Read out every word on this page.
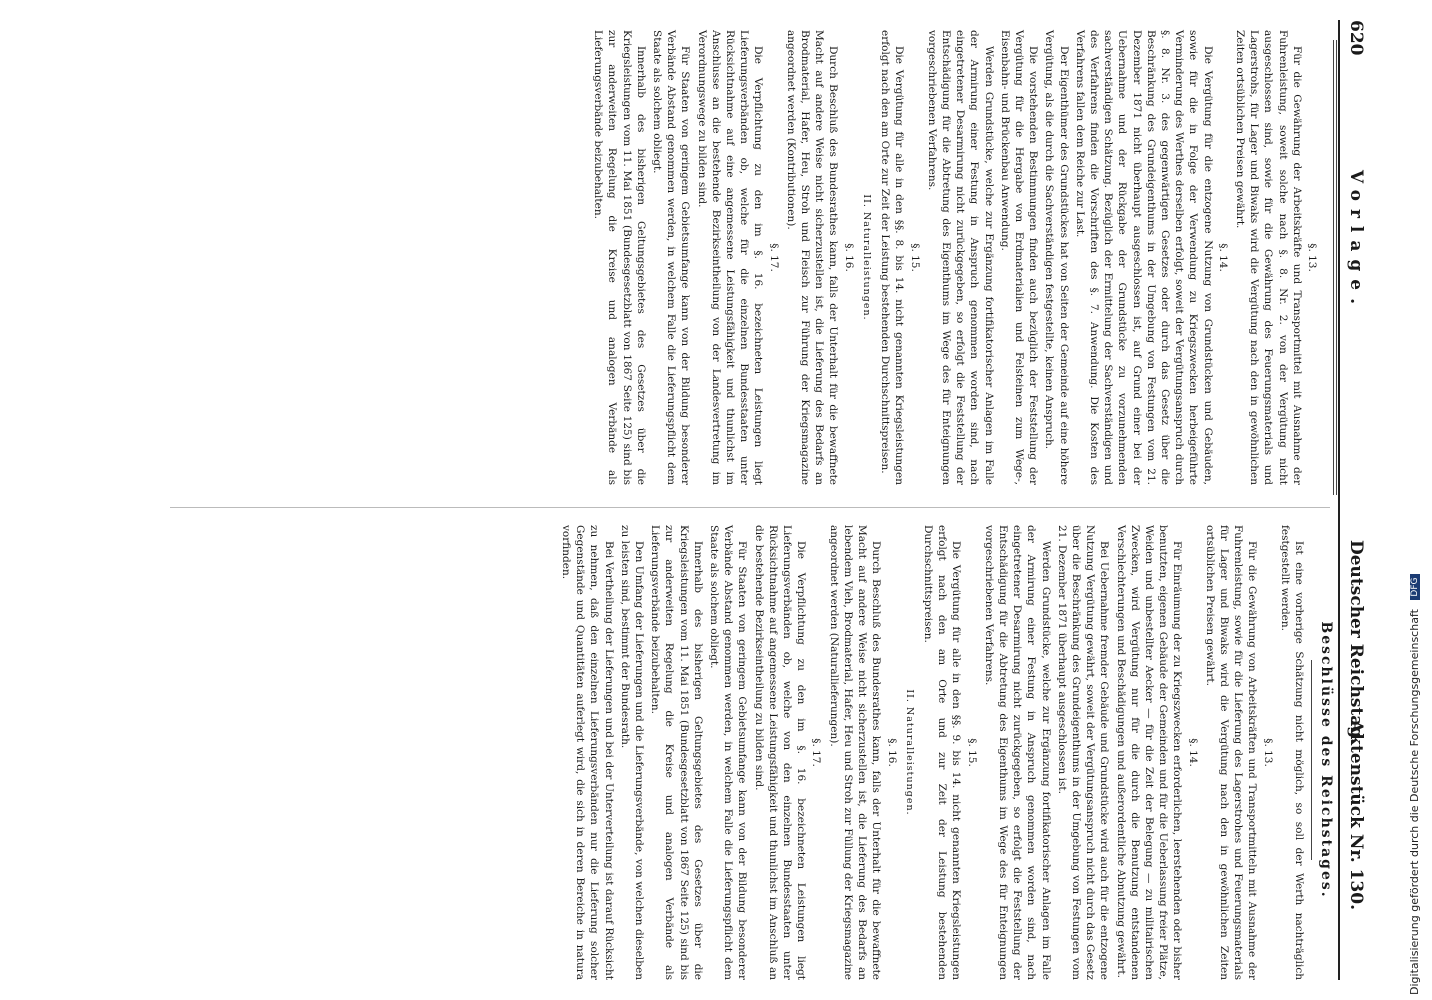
620
Vorlage.
Deutscher Reichstag.
Aktenstück Nr. 130.
Beschlüsse des Reichstages.
§. 13.

Für die Gewährung der Arbeitskräfte und Transportmittel mit Ausnahme der Fuhrenleistung, soweit solche nach §. 8. Nr. 2. von der Vergütung nicht ausgeschlossen sind, sowie für die Gewährung des Feuerungsmaterials und Lagerstrohs, für Lager und Biwaks wird die Vergütung nach den in gewöhnlichen Zeiten ortsüblichen Preisen gewährt.

§. 14.

Die Vergütung für die entzogene Nutzung von Grundstücken und Gebäuden, sowie für die in Folge der Verwendung zu Kriegszwecken herbeigeführte Verminderung des Werthes derselben erfolgt, soweit der Vergütungsanspruch durch §. 8. Nr. 3. des gegenwärtigen Gesetzes oder durch das Gesetz über die Beschränkung des Grundeigenthums in der Umgebung von Festungen vom 21. Dezember 1871 nicht überhaupt ausgeschlossen ist, auf Grund einer bei der Uebernahme und der Rückgabe der Grundstücke zu vorzunehmenden sachverständigen Schätzung. Bezüglich der Ermittelung der Sachverständigen und des Verfahrens finden die Vorschriften des §. 7. Anwendung. Die Kosten des Verfahrens fallen dem Reiche zur Last.

Der Eigenthümer des Grundstückes hat von Seiten der Gemeinde auf eine höhere Vergütung, als die durch die Sachverständigen festgestellte, keinen Anspruch.

Die vorstehenden Bestimmungen finden auch bezüglich der Feststellung der Vergütung für die Hergabe von Erdmaterialien und Felsteinen zum Wege-, Eisenbahn- und Brückenbau Anwendung.

Werden Grundstücke, welche zur Ergänzung fortifikatorischer Anlagen im Falle der Armirung einer Festung in Anspruch genommen worden sind, nach eingetretener Desarmirung nicht zurückgegeben, so erfolgt die Feststellung der Entschädigung für die Abtretung des Eigenthums im Wege des für Enteignungen vorgeschriebenen Verfahrens.

§. 15.

Die Vergütung für alle in den §§. 8. bis 14. nicht genannten Kriegsleistungen erfolgt nach den am Orte zur Zeit der Leistung bestehenden Durchschnittspreisen.

II. Naturalleistungen.
§. 16.

Durch Beschluß des Bundesrathes kann, falls der Unterhalt für die bewaffnete Macht auf andere Weise nicht sicherzustellen ist, die Lieferung des Bedarfs an Brodmaterial, Hafer, Heu, Stroh und Fleisch zur Führung der Kriegsmagazine angeordnet werden (Kontributionen).

§. 17.

Die Verpflichtung zu den im §. 16. bezeichneten Leistungen liegt Lieferungsverbänden ob, welche für die einzelnen Bundesstaaten unter Rücksichtnahme auf eine angemessene Leistungsfähigkeit und thunlichst im Anschlusse an die bestehende Bezirkseintheilung von der Landesvertretung im Verordnungswege zu bilden sind.

Für Staaten von geringem Gebietsumfange kann von der Bildung besonderer Verbände Abstand genommen werden, in welchem Falle die Lieferungspflicht dem Staate als solchem obliegt.

Innerhalb des bisherigen Geltungsgebietes des Gesetzes über die Kriegsleistungen vom 11. Mai 1851 (Bundesgesetzblatt von 1867 Seite 125) sind bis zur anderweiten Regelung die Kreise und analogen Verbände als Lieferungsverbände beizubehalten.

Ist eine vorherige Schätzung nicht möglich, so soll der Werth nachträglich festgestellt werden.

§. 13.

Für die Gewährung von Arbeitskräften und Transportmitteln mit Ausnahme der Fuhrenleistung, sowie für die Lieferung des Lagerstrohes und Feuerungsmaterials für Lager und Biwaks wird die Vergütung nach den in gewöhnlichen Zeiten ortsüblichen Preisen gewährt.

§. 14.

Für Einräumung der zu Kriegszwecken erforderlichen, leerstehenden oder bisher benutzten, eigenen Gebäude der Gemeinden und für die Ueberlassung freier Plätze, Weiden und unbestellter Aecker — für die Zeit der Belegung — zu militairischen Zwecken, wird Vergütung nur für die durch die Benutzung entstandenen Verschlechterungen und Beschädigungen und außerordentliche Abnutzung gewährt.

Bei Uebernahme fremder Gebäude und Grundstücke wird auch für die entzogene Nutzung Vergütung gewährt, soweit der Vergütungsanspruch nicht durch das Gesetz über die Beschränkung des Grundeigenthums in der Umgebung von Festungen vom 21. Dezember 1871 überhaupt ausgeschlossen ist.

Werden Grundstücke, welche zur Ergänzung fortifikatorischer Anlagen im Falle der Armirung einer Festung in Anspruch genommen worden sind, nach eingetretener Desarmirung nicht zurückgegeben, so erfolgt die Feststellung der Entschädigung für die Abtretung des Eigenthums im Wege des für Enteignungen vorgeschriebenen Verfahrens.

§. 15.

Die Vergütung für alle in den §§. 9. bis 14. nicht genannten Kriegsleistungen erfolgt nach den am Orte und zur Zeit der Leistung bestehenden Durchschnittspreisen.

II. Naturalleistungen.
§. 16.

Durch Beschluß des Bundesrathes kann, falls der Unterhalt für die bewaffnete Macht auf andere Weise nicht sicherzustellen ist, die Lieferung des Bedarfs an lebendem Vieh, Brodmaterial, Hafer, Heu und Stroh zur Füllung der Kriegsmagazine angeordnet werden (Naturallieferungen).

§. 17.

Die Verpflichtung zu den im §. 16. bezeichneten Leistungen liegt Lieferungsverbänden ob, welche von den einzelnen Bundesstaaten unter Rücksichtnahme auf angemessene Leistungsfähigkeit und thunlichst im Anschluß an die bestehende Bezirkseintheilung zu bilden sind.

Für Staaten von geringem Gebietsumfange kann von der Bildung besonderer Verbände Abstand genommen werden, in welchem Falle die Lieferungspflicht dem Staate als solchem obliegt.

Innerhalb des bisherigen Geltungsgebietes des Gesetzes über die Kriegsleistungen vom 11. Mai 1851 (Bundesgesetzblatt von 1867 Seite 125) sind bis zur anderweiten Regelung die Kreise und analogen Verbände als Lieferungsverbände beizubehalten.

Den Umfang der Lieferungen und die Lieferungsverbände, von welchen dieselben zu leisten sind, bestimmt der Bundesrath.

Bei Vertheilung der Lieferungen und bei der Unterverteilung ist darauf Rücksicht zu nehmen, daß den einzelnen Lieferungsverbänden nur die Lieferung solcher Gegenstände und Quantitäten auferlegt wird, die sich in deren Bereiche in natura vorfinden.

Digitalisierung gefördert durch die Deutsche Forschungsgemeinschaft DFG
